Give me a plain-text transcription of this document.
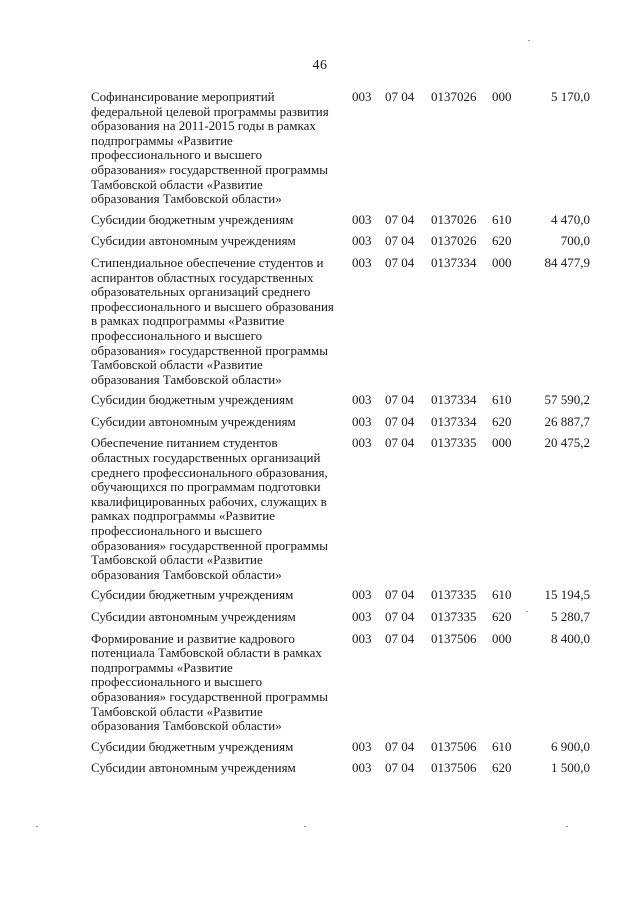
46
Софинансирование мероприятий
федеральной целевой программы развития
образования на 2011-2015 годы в рамках
подпрограммы «Развитие
профессионального и высшего
образования» государственной программы
Тамбовской области «Развитие
образования Тамбовской области»
003 07 04 0137026 000	5 170,0
Субсидии бюджетным учреждениям	003 07 04 0137026 610	4 470,0
Субсидии автономным учреждениям	003 07 04 0137026 620	700,0
Стипендиальное обеспечение студентов и
аспирантов областных государственных
образовательных организаций среднего
профессионального и высшего образования
в рамках подпрограммы «Развитие
профессионального и высшего
образования» государственной программы
Тамбовской области «Развитие
образования Тамбовской области»
003 07 04 0137334 000	84 477,9
Субсидии бюджетным учреждениям	003 07 04 0137334 610	57 590,2
Субсидии автономным учреждениям	003 07 04 0137334 620	26 887,7
Обеспечение питанием студентов
областных государственных организаций
среднего профессионального образования,
обучающихся по программам подготовки
квалифицированных рабочих, служащих в
рамках подпрограммы «Развитие
профессионального и высшего
образования» государственной программы
Тамбовской области «Развитие
образования Тамбовской области»
003 07 04 0137335 000	20 475,2
Субсидии бюджетным учреждениям	003 07 04 0137335 610	15 194,5
Субсидии автономным учреждениям	003 07 04 0137335 620	5 280,7
Формирование и развитие кадрового
потенциала Тамбовской области в рамках
подпрограммы «Развитие
профессионального и высшего
образования» государственной программы
Тамбовской области «Развитие
образования Тамбовской области»
003 07 04 0137506 000	8 400,0
Субсидии бюджетным учреждениям	003 07 04 0137506 610	6 900,0
Субсидии автономным учреждениям	003 07 04 0137506 620	1 500,0
